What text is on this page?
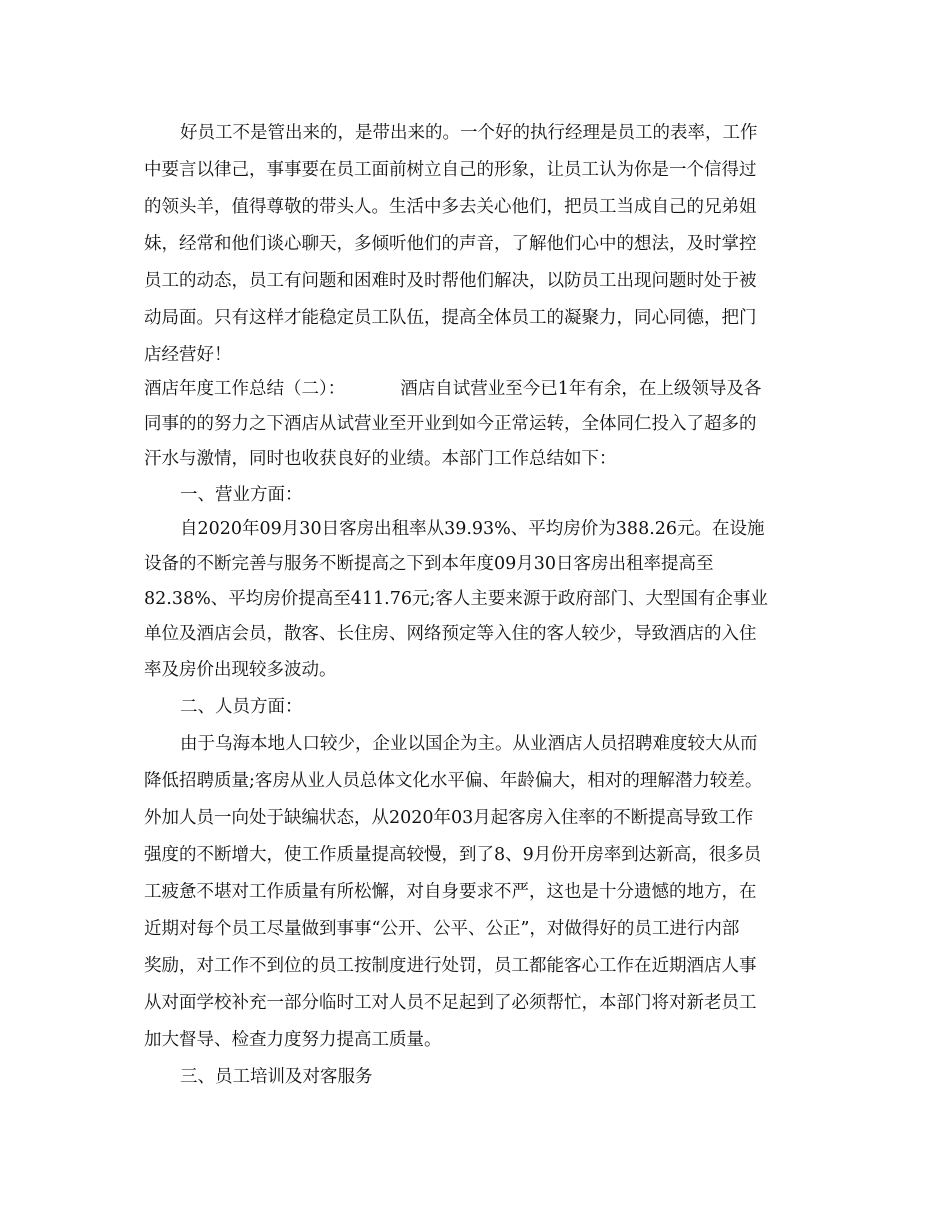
好员工不是管出来的，是带出来的。一个好的执行经理是员工的表率，工作

中要言以律己，事事要在员工面前树立自己的形象，让员工认为你是一个信得过

的领头羊，值得尊敬的带头人。生活中多去关心他们，把员工当成自己的兄弟姐

妹，经常和他们谈心聊天，多倾听他们的声音，了解他们心中的想法，及时掌控

员工的动态，员工有问题和困难时及时帮他们解决，以防员工出现问题时处于被

动局面。只有这样才能稳定员工队伍，提高全体员工的凝聚力，同心同德，把门

店经营好！

酒店年度工作总结（二）：	酒店自试营业至今已1年有余，在上级领导及各

同事的的努力之下酒店从试营业至开业到如今正常运转，全体同仁投入了超多的

汗水与激情，同时也收获良好的业绩。本部门工作总结如下：

一、营业方面：

自2020年09月30日客房出租率从39.93%、平均房价为388.26元。在设施

设备的不断完善与服务不断提高之下到本年度09月30日客房出租率提高至

82.38%、平均房价提高至411.76元;客人主要来源于政府部门、大型国有企事业

单位及酒店会员，散客、长住房、网络预定等入住的客人较少，导致酒店的入住

率及房价出现较多波动。

二、人员方面：

由于乌海本地人口较少，企业以国企为主。从业酒店人员招聘难度较大从而

降低招聘质量;客房从业人员总体文化水平偏、年龄偏大，相对的理解潜力较差。

外加人员一向处于缺编状态，从2020年03月起客房入住率的不断提高导致工作

强度的不断增大，使工作质量提高较慢，到了8、9月份开房率到达新高，很多员

工疲惫不堪对工作质量有所松懈，对自身要求不严，这也是十分遗憾的地方，在

近期对每个员工尽量做到事事“公开、公平、公正”，对做得好的员工进行内部

奖励，对工作不到位的员工按制度进行处罚，员工都能客心工作在近期酒店人事

从对面学校补充一部分临时工对人员不足起到了必须帮忙，本部门将对新老员工

加大督导、检查力度努力提高工质量。

三、员工培训及对客服务
